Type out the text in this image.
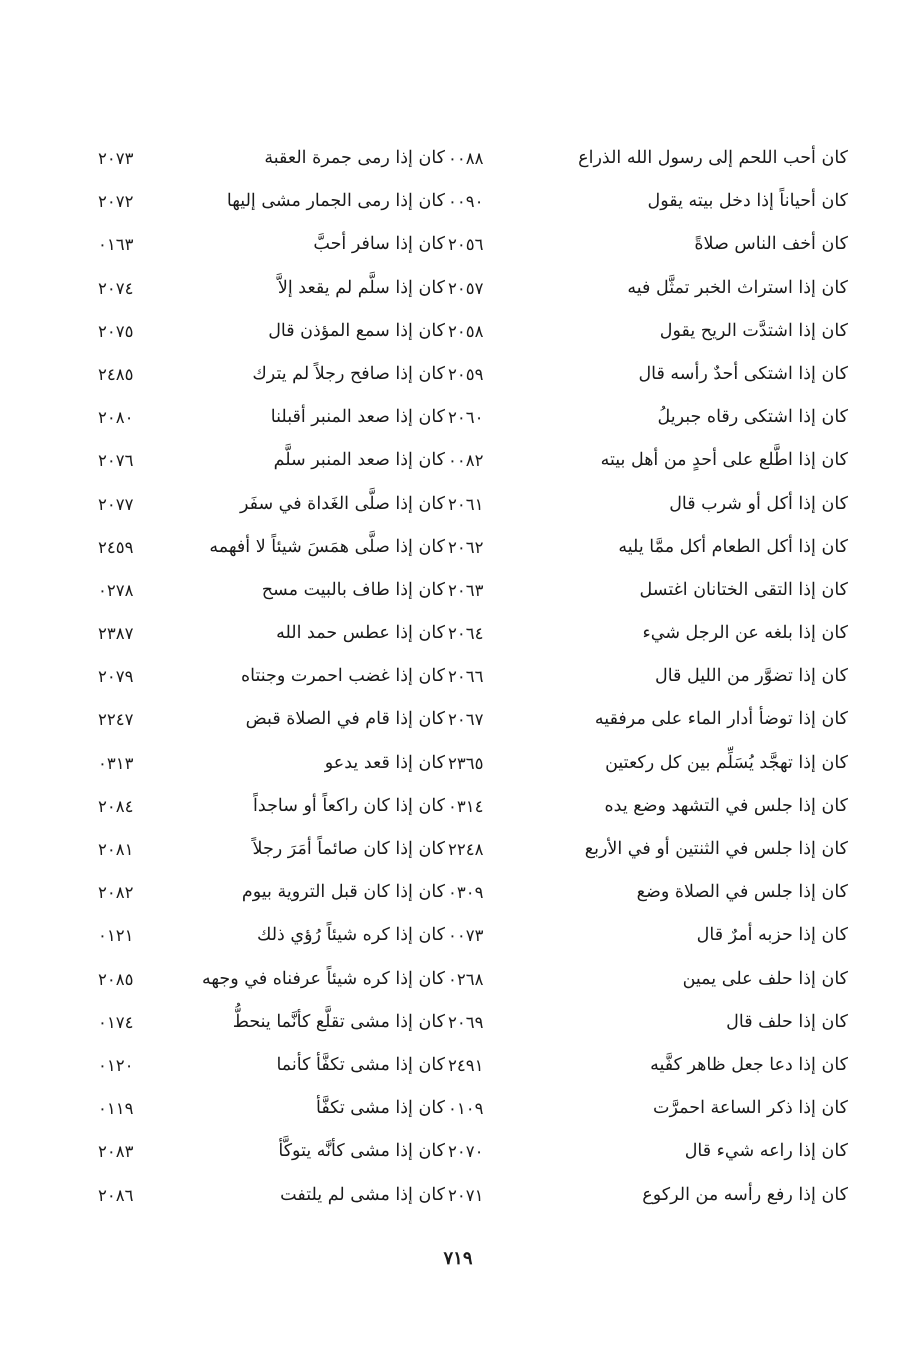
كان أحب اللحم إلى رسول الله الذراع
٠٠٨٨
كان إذا رمى جمرة العقبة
٢٠٧٣
كان أحياناً إذا دخل بيته يقول
٠٠٩٠
كان إذا رمى الجمار مشى إليها
٢٠٧٢
كان أخف الناس صلاةً
٢٠٥٦
كان إذا سافر أحبَّ
٠١٦٣
كان إذا استراث الخبر تمثَّل فيه
٢٠٥٧
كان إذا سلَّم لم يقعد إلاَّ
٢٠٧٤
كان إذا اشتدَّت الريح يقول
٢٠٥٨
كان إذا سمع المؤذن قال
٢٠٧٥
كان إذا اشتكى أحدٌ رأسه قال
٢٠٥٩
كان إذا صافح رجلاً لم يترك
٢٤٨٥
كان إذا اشتكى رقاه جبريلُ
٢٠٦٠
كان إذا صعد المنبر أقبلنا
٢٠٨٠
كان إذا اطَّلع على أحدٍ من أهل بيته
٠٠٨٢
كان إذا صعد المنبر سلَّم
٢٠٧٦
كان إذا أكل أو شرب قال
٢٠٦١
كان إذا صلَّى الغَداة في سفَر
٢٠٧٧
كان إذا أكل الطعام أكل ممَّا يليه
٢٠٦٢
كان إذا صلَّى همَسَ شيئاً لا أفهمه
٢٤٥٩
كان إذا التقى الختانان اغتسل
٢٠٦٣
كان إذا طاف بالبيت مسح
٠٢٧٨
كان إذا بلغه عن الرجل شيء
٢٠٦٤
كان إذا عطس حمد الله
٢٣٨٧
كان إذا تضوَّر من الليل قال
٢٠٦٦
كان إذا غضب احمرت وجنتاه
٢٠٧٩
كان إذا توضأ أدار الماء على مرفقيه
٢٠٦٧
كان إذا قام في الصلاة قبض
٢٢٤٧
كان إذا تهجَّد يُسَلِّم بين كل ركعتين
٢٣٦٥
كان إذا قعد يدعو
٠٣١٣
كان إذا جلس في التشهد وضع يده
٠٣١٤
كان إذا كان راكعاً أو ساجداً
٢٠٨٤
كان إذا جلس في الثنتين أو في الأربع
٢٢٤٨
كان إذا كان صائماً أمَرَ رجلاً
٢٠٨١
كان إذا جلس في الصلاة وضع
٠٣٠٩
كان إذا كان قبل التروية بيوم
٢٠٨٢
كان إذا حزبه أمرٌ قال
٠٠٧٣
كان إذا كره شيئاً رُؤي ذلك
٠١٢١
كان إذا حلف على يمين
٠٢٦٨
كان إذا كره شيئاً عرفناه في وجهه
٢٠٨٥
كان إذا حلف قال
٢٠٦٩
كان إذا مشى تقلَّع كأنَّما ينحطُّ
٠١٧٤
كان إذا دعا جعل ظاهر كفَّيه
٢٤٩١
كان إذا مشى تكفَّأ كأنما
٠١٢٠
كان إذا ذكر الساعة احمرَّت
٠١٠٩
كان إذا مشى تكفَّأ
٠١١٩
كان إذا راعه شيء قال
٢٠٧٠
كان إذا مشى كأنَّه يتوكَّأ
٢٠٨٣
كان إذا رفع رأسه من الركوع
٢٠٧١
كان إذا مشى لم يلتفت
٢٠٨٦
٧١٩
